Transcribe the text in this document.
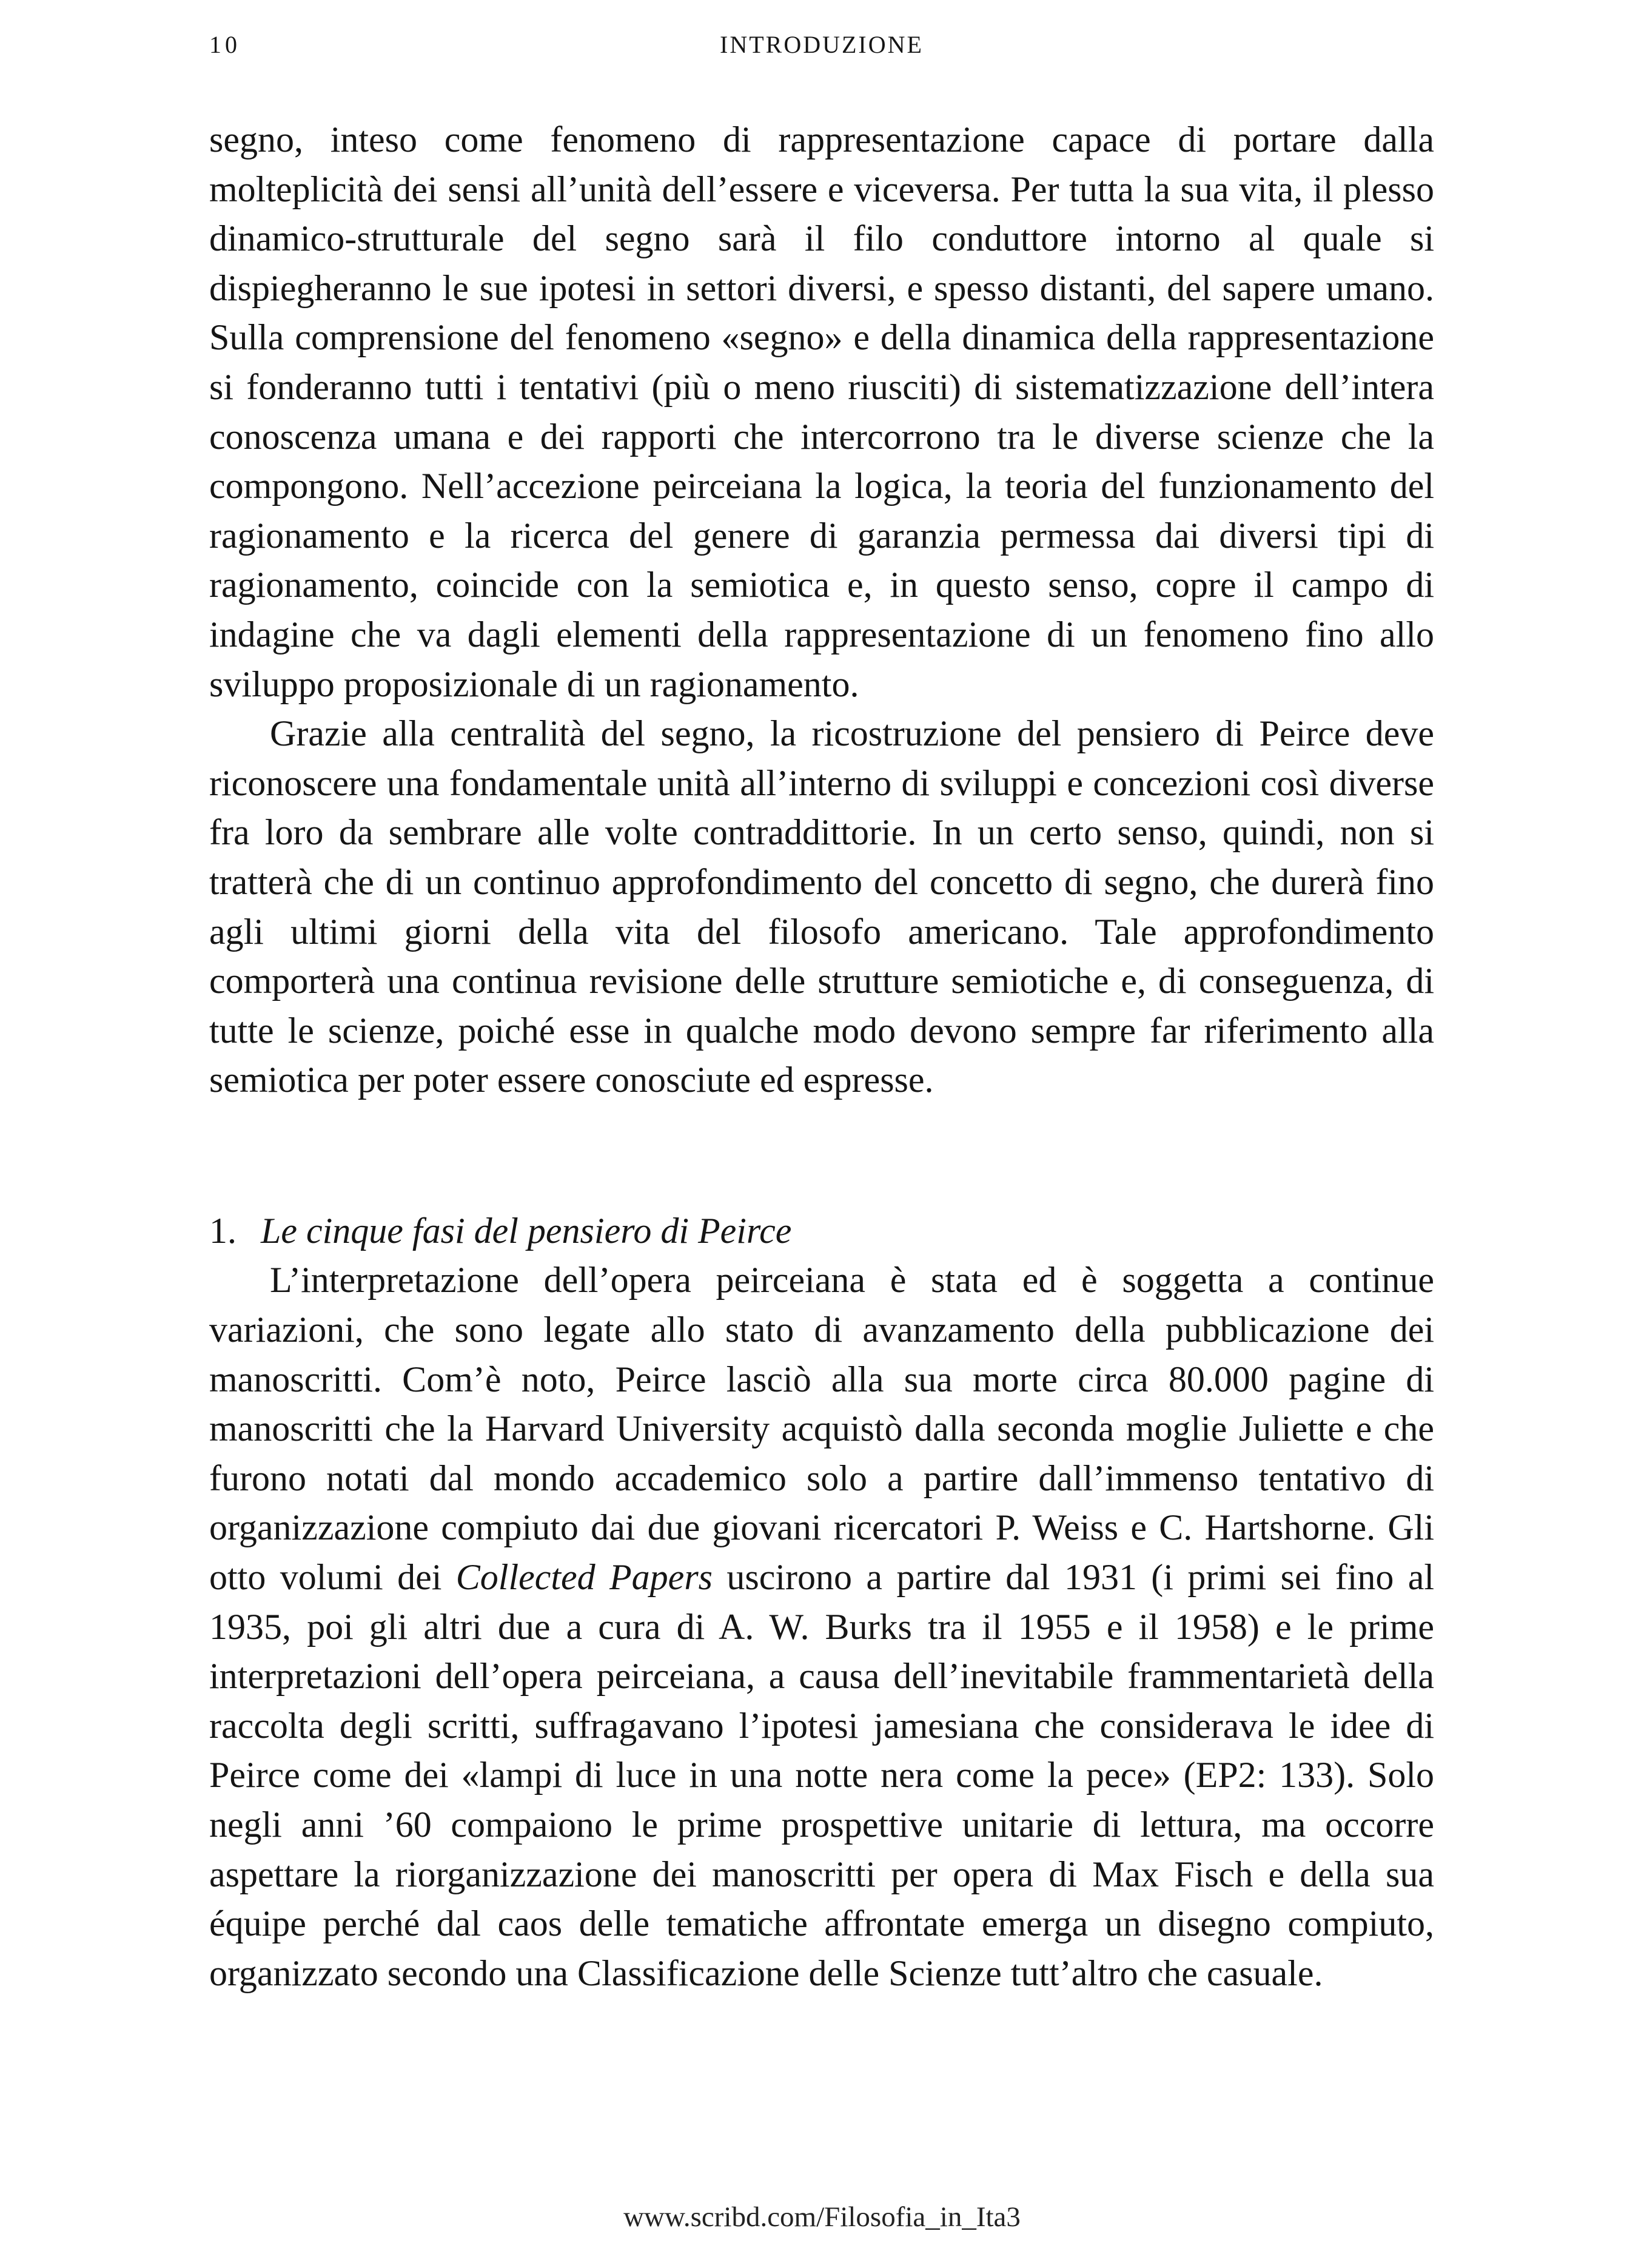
10	INTRODUZIONE

segno, inteso come fenomeno di rappresentazione capace di portare dalla molteplicità dei sensi all’unità dell’essere e viceversa. Per tutta la sua vita, il plesso dinamico-strutturale del segno sarà il filo conduttore intorno al quale si dispiegheranno le sue ipotesi in settori diversi, e spesso distanti, del sapere umano. Sulla comprensione del fenomeno «segno» e della dinamica della rappresentazione si fonderanno tutti i tentativi (più o meno riusciti) di sistematizzazione dell’intera conoscenza umana e dei rapporti che intercorrono tra le diverse scienze che la compongono. Nell’accezione peirceiana la logica, la teoria del funzionamento del ragionamento e la ricerca del genere di garanzia permessa dai diversi tipi di ragionamento, coincide con la semiotica e, in questo senso, copre il campo di indagine che va dagli elementi della rappresentazione di un fenomeno fino allo sviluppo proposizionale di un ragionamento.

Grazie alla centralità del segno, la ricostruzione del pensiero di Peirce deve riconoscere una fondamentale unità all’interno di sviluppi e concezioni così diverse fra loro da sembrare alle volte contraddittorie. In un certo senso, quindi, non si tratterà che di un continuo approfondimento del concetto di segno, che durerà fino agli ultimi giorni della vita del filosofo americano. Tale approfondimento comporterà una continua revisione delle strutture semiotiche e, di conseguenza, di tutte le scienze, poiché esse in qualche modo devono sempre far riferimento alla semiotica per poter essere conosciute ed espresse.

1. Le cinque fasi del pensiero di Peirce

L’interpretazione dell’opera peirceiana è stata ed è soggetta a continue variazioni, che sono legate allo stato di avanzamento della pubblicazione dei manoscritti. Com’è noto, Peirce lasciò alla sua morte circa 80.000 pagine di manoscritti che la Harvard University acquistò dalla seconda moglie Juliette e che furono notati dal mondo accademico solo a partire dall’immenso tentativo di organizzazione compiuto dai due giovani ricercatori P. Weiss e C. Hartshorne. Gli otto volumi dei Collected Papers uscirono a partire dal 1931 (i primi sei fino al 1935, poi gli altri due a cura di A. W. Burks tra il 1955 e il 1958) e le prime interpretazioni dell’opera peirceiana, a causa dell’inevitabile frammentarietà della raccolta degli scritti, suffragavano l’ipotesi jamesiana che considerava le idee di Peirce come dei «lampi di luce in una notte nera come la pece» (EP2: 133). Solo negli anni ’60 compaiono le prime prospettive unitarie di lettura, ma occorre aspettare la riorganizzazione dei manoscritti per opera di Max Fisch e della sua équipe perché dal caos delle tematiche affrontate emerga un disegno compiuto, organizzato secondo una Classificazione delle Scienze tutt’altro che casuale.

www.scribd.com/Filosofia_in_Ita3
